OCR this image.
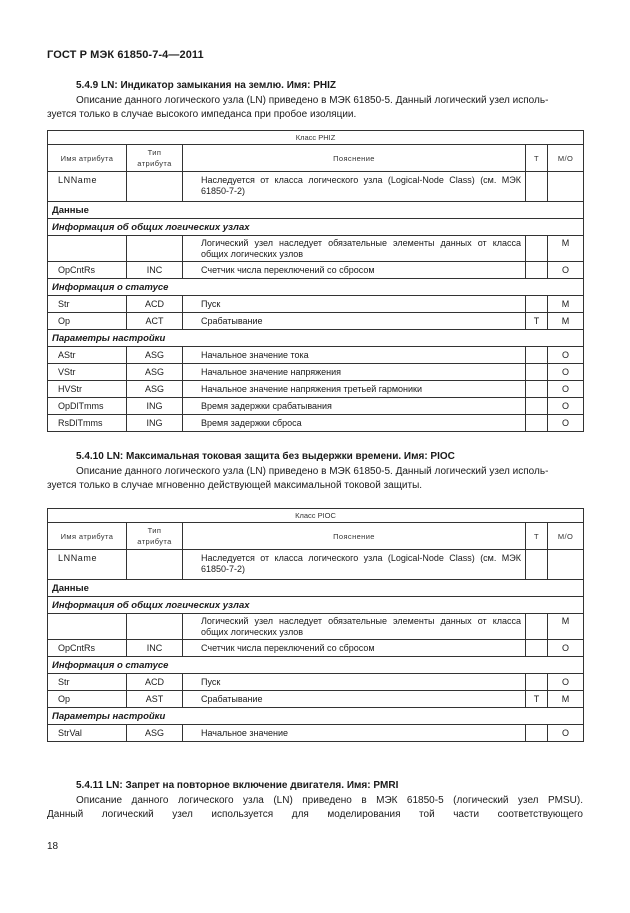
ГОСТ Р МЭК 61850-7-4—2011
5.4.9 LN: Индикатор замыкания на землю. Имя: PHIZ
Описание данного логического узла (LN) приведено в МЭК 61850-5. Данный логический узел исполь-
зуется только в случае высокого импеданса при пробое изоляции.
Класс PHIZ				
Имя атрибута	Тип атрибута	Пояснение	Т	М/О
LNName		Наследуется от класса логического узла (Logical-Node Class) (см. МЭК 61850-7-2)		
Данные				
Информация об общих логических узлах				
		Логический узел наследует обязательные элементы данных от класса общих логических узлов		М
OpCntRs	INC	Счетчик числа переключений со сбросом		О
Информация о статусе				
Str	ACD	Пуск		М
Op	ACT	Срабатывание	Т	М
Параметры настройки				
AStr	ASG	Начальное значение тока		О
VStr	ASG	Начальное значение напряжения		О
HVStr	ASG	Начальное значение напряжения третьей гармоники		О
OpDlTmms	ING	Время задержки срабатывания		О
RsDlTmms	ING	Время задержки сброса		О
5.4.10 LN: Максимальная токовая защита без выдержки времени. Имя: PIOC
Описание данного логического узла (LN) приведено в МЭК 61850-5. Данный логический узел исполь-
зуется только в случае мгновенно действующей максимальной токовой защиты.
Класс PIOC				
Имя атрибута	Тип атрибута	Пояснение	Т	М/О
LNName		Наследуется от класса логического узла (Logical-Node Class) (см. МЭК 61850-7-2)		
Данные				
Информация об общих логических узлах				
		Логический узел наследует обязательные элементы данных от класса общих логических узлов		М
OpCntRs	INC	Счетчик числа переключений со сбросом		О
Информация о статусе				
Str	ACD	Пуск		О
Op	AST	Срабатывание	Т	М
Параметры настройки				
StrVal	ASG	Начальное значение		О
5.4.11 LN: Запрет на повторное включение двигателя. Имя: PMRI
Описание данного логического узла (LN) приведено в МЭК 61850-5 (логический узел PMSU).
Данный логический узел используется для моделирования той части соответствующего
18
